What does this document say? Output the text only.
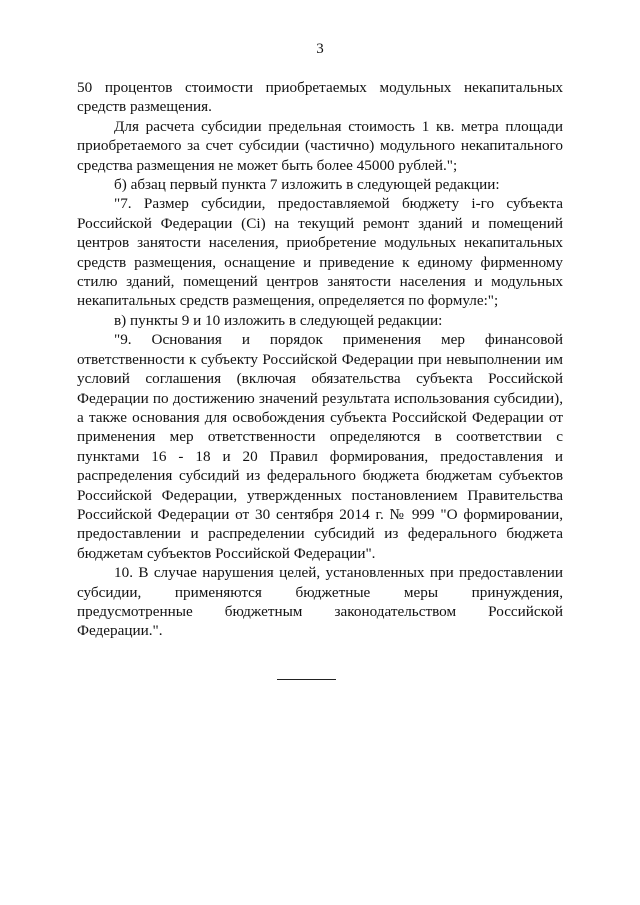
3

50 процентов стоимости приобретаемых модульных некапитальных средств размещения.

Для расчета субсидии предельная стоимость 1 кв. метра площади приобретаемого за счет субсидии (частично) модульного некапитального средства размещения не может быть более 45000 рублей.";

б) абзац первый пункта 7 изложить в следующей редакции:

"7. Размер субсидии, предоставляемой бюджету i-го субъекта Российской Федерации (Ci) на текущий ремонт зданий и помещений центров занятости населения, приобретение модульных некапитальных средств размещения, оснащение и приведение к единому фирменному стилю зданий, помещений центров занятости населения и модульных некапитальных средств размещения, определяется по формуле:";

в) пункты 9 и 10 изложить в следующей редакции:

"9. Основания и порядок применения мер финансовой ответственности к субъекту Российской Федерации при невыполнении им условий соглашения (включая обязательства субъекта Российской Федерации по достижению значений результата использования субсидии), а также основания для освобождения субъекта Российской Федерации от применения мер ответственности определяются в соответствии с пунктами 16 - 18 и 20 Правил формирования, предоставления и распределения субсидий из федерального бюджета бюджетам субъектов Российской Федерации, утвержденных постановлением Правительства Российской Федерации от 30 сентября 2014 г. № 999 "О формировании, предоставлении и распределении субсидий из федерального бюджета бюджетам субъектов Российской Федерации".

10. В случае нарушения целей, установленных при предоставлении субсидии, применяются бюджетные меры принуждения, предусмотренные бюджетным законодательством Российской Федерации.".
